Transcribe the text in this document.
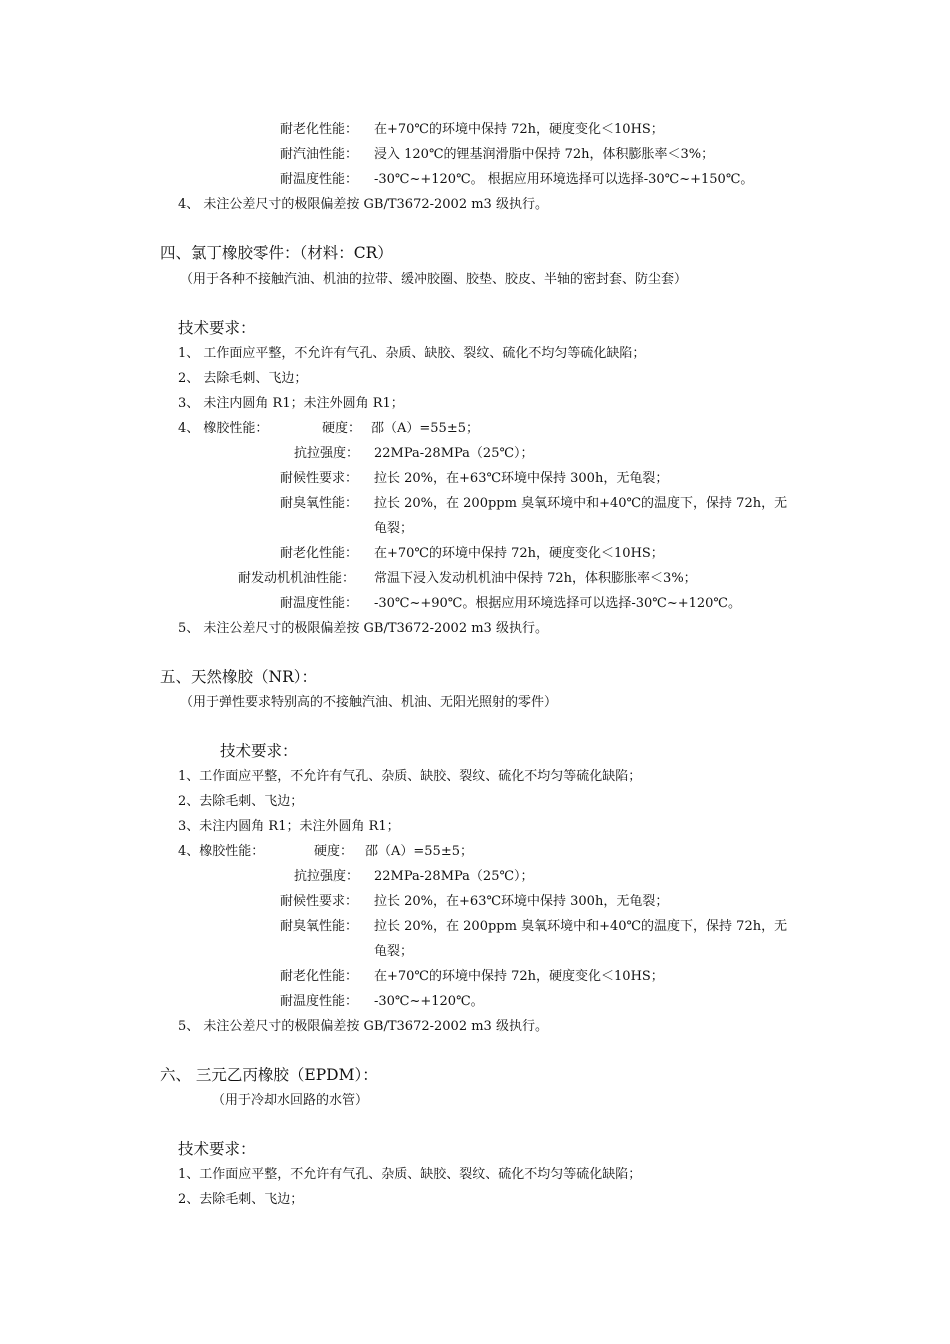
耐老化性能： 在+70℃的环境中保持 72h，硬度变化＜10HS；
耐汽油性能： 浸入 120℃的锂基润滑脂中保持 72h，体积膨胀率＜3%；
耐温度性能： -30℃~+120℃。 根据应用环境选择可以选择-30℃~+150℃。
4、 未注公差尺寸的极限偏差按 GB/T3672-2002 m3 级执行。
四、氯丁橡胶零件：（材料：CR）
（用于各种不接触汽油、机油的拉带、缓冲胶圈、胶垫、胶皮、半轴的密封套、防尘套）
技术要求：
1、 工作面应平整，不允许有气孔、杂质、缺胶、裂纹、硫化不均匀等硫化缺陷；
2、 去除毛刺、飞边；
3、 未注内圆角 R1；未注外圆角 R1；
4、 橡胶性能：	硬度： 邵（A）=55±5；
抗拉强度： 22MPa-28MPa（25℃）；
耐候性要求： 拉长 20%，在+63℃环境中保持 300h，无龟裂；
耐臭氧性能： 拉长 20%，在 200ppm 臭氧环境中和+40℃的温度下，保持 72h，无
龟裂；
耐老化性能： 在+70℃的环境中保持 72h，硬度变化＜10HS；
耐发动机机油性能： 常温下浸入发动机机油中保持 72h，体积膨胀率＜3%；
耐温度性能： -30℃~+90℃。根据应用环境选择可以选择-30℃~+120℃。
5、 未注公差尺寸的极限偏差按 GB/T3672-2002 m3 级执行。
五、天然橡胶（NR）：
（用于弹性要求特别高的不接触汽油、机油、无阳光照射的零件）
技术要求：
1、工作面应平整，不允许有气孔、杂质、缺胶、裂纹、硫化不均匀等硫化缺陷；
2、去除毛刺、飞边；
3、未注内圆角 R1；未注外圆角 R1；
4、橡胶性能：	硬度： 邵（A）=55±5；
抗拉强度： 22MPa-28MPa（25℃）；
耐候性要求： 拉长 20%，在+63℃环境中保持 300h，无龟裂；
耐臭氧性能： 拉长 20%，在 200ppm 臭氧环境中和+40℃的温度下，保持 72h，无
龟裂；
耐老化性能： 在+70℃的环境中保持 72h，硬度变化＜10HS；
耐温度性能： -30℃~+120℃。
5、 未注公差尺寸的极限偏差按 GB/T3672-2002 m3 级执行。
六、 三元乙丙橡胶（EPDM）：
（用于冷却水回路的水管）
技术要求：
1、工作面应平整，不允许有气孔、杂质、缺胶、裂纹、硫化不均匀等硫化缺陷；
2、去除毛刺、飞边；
